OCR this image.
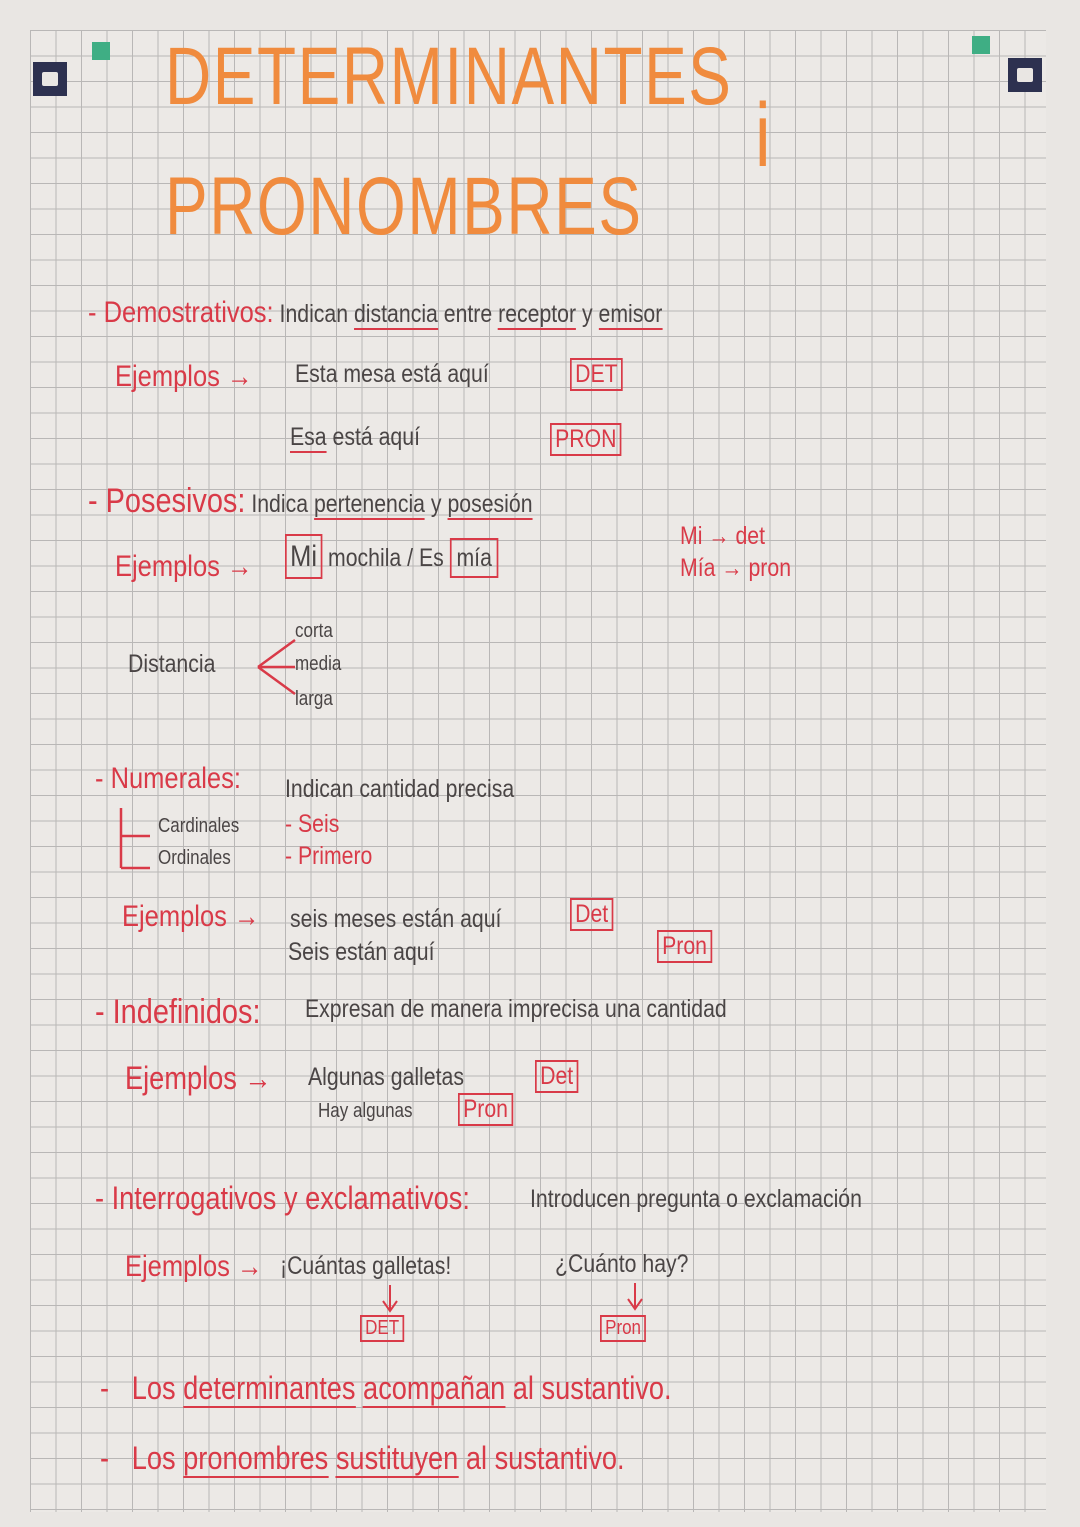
DETERMINANTES
i
PRONOMBRES
- Demostrativos: Indican distancia entre receptor y emisor
Ejemplos → Esta mesa está aquí	DET
Esa está aquí	PRON
- Posesivos: Indica pertenencia y posesión
Ejemplos → Mi mochila / Es mía
Mi → det
Mía → pron
Distancia
corta
media
larga
- Numerales: Indican cantidad precisa
Cardinales - Seis
Ordinales - Primero
Ejemplos → seis meses están aquí	Det
Seis están aquí	Pron
- Indefinidos: Expresan de manera imprecisa una cantidad
Ejemplos → Algunas galletas	Det
Hay algunas Pron
- Interrogativos y exclamativos: Introducen pregunta o exclamación
Ejemplos → ¡Cuántas galletas!	¿Cuánto hay?
DET	Pron
- Los determinantes acompañan al sustantivo.
- Los pronombres sustituyen al sustantivo.
